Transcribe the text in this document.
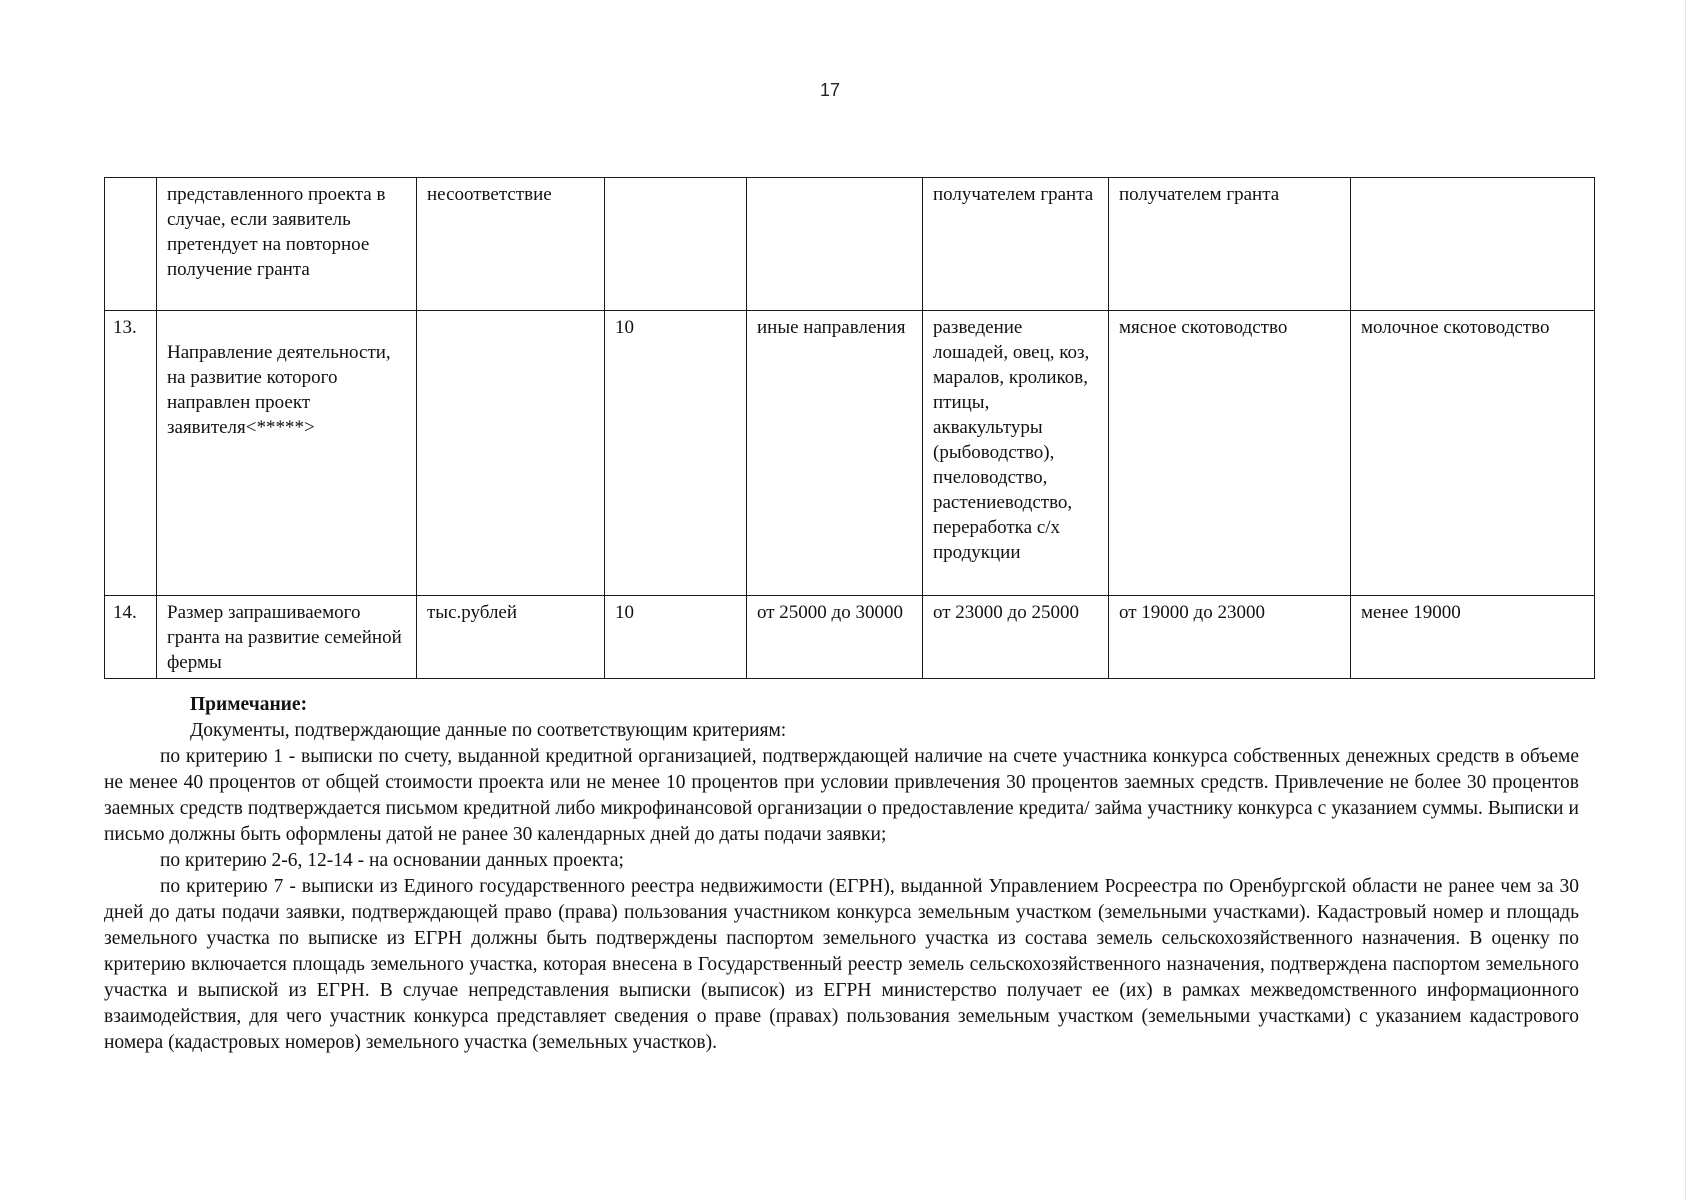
17
	представленного проекта в случае, если заявитель претендует на повторное получение гранта	несоответствие			получателем гранта	получателем гранта	
13.	Направление деятельности, на развитие которого направлен проект заявителя<*****>		10	иные направления	разведение лошадей, овец, коз, маралов, кроликов, птицы, аквакультуры (рыбоводство), пчеловодство, растениеводство, переработка с/х продукции	мясное скотоводство	молочное скотоводство
14.	Размер запрашиваемого гранта на развитие семейной фермы	тыс.рублей	10	от 25000 до 30000	от 23000 до 25000	от 19000 до 23000	менее 19000

Примечание:

Документы, подтверждающие данные по соответствующим критериям:

по критерию 1 - выписки по счету, выданной кредитной организацией, подтверждающей наличие на счете участника конкурса собственных денежных средств в объеме не менее 40 процентов от общей стоимости проекта или не менее 10 процентов при условии привлечения 30 процентов заемных средств. Привлечение не более 30 процентов заемных средств подтверждается письмом кредитной либо микрофинансовой организации о предоставление кредита/ займа участнику конкурса с указанием суммы. Выписки и письмо должны быть оформлены датой не ранее 30 календарных дней до даты подачи заявки;

по критерию 2-6, 12-14 - на основании данных проекта;

по критерию 7 - выписки из Единого государственного реестра недвижимости (ЕГРН), выданной Управлением Росреестра по Оренбургской области не ранее чем за 30 дней до даты подачи заявки, подтверждающей право (права) пользования участником конкурса земельным участком (земельными участками). Кадастровый номер и площадь земельного участка по выписке из ЕГРН должны быть подтверждены паспортом земельного участка из состава земель сельскохозяйственного назначения. В оценку по критерию включается площадь земельного участка, которая внесена в Государственный реестр земель сельскохозяйственного назначения, подтверждена паспортом земельного участка и выпиской из ЕГРН. В случае непредставления выписки (выписок) из ЕГРН министерство получает ее (их) в рамках межведомственного информационного взаимодействия, для чего участник конкурса представляет сведения о праве (правах) пользования земельным участком (земельными участками) с указанием кадастрового номера (кадастровых номеров) земельного участка (земельных участков).
